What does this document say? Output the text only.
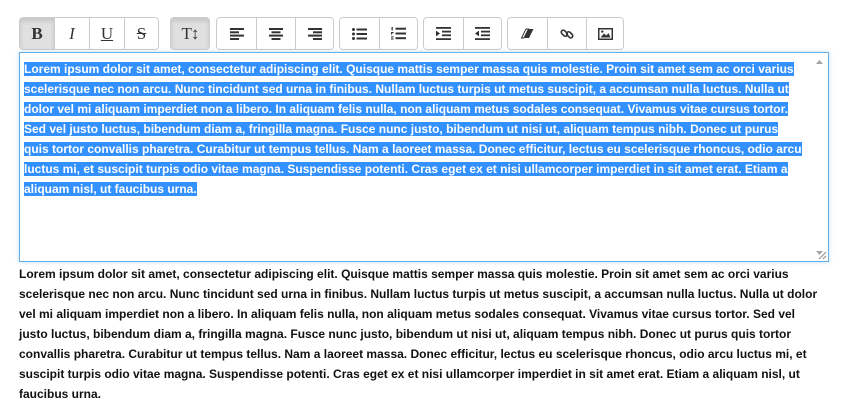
B I U S T↕
Lorem ipsum dolor sit amet, consectetur adipiscing elit. Quisque mattis semper massa quis molestie. Proin sit amet sem ac orci varius scelerisque nec non arcu. Nunc tincidunt sed urna in finibus. Nullam luctus turpis ut metus suscipit, a accumsan nulla luctus. Nulla ut dolor vel mi aliquam imperdiet non a libero. In aliquam felis nulla, non aliquam metus sodales consequat. Vivamus vitae cursus tortor. Sed vel justo luctus, bibendum diam a, fringilla magna. Fusce nunc justo, bibendum ut nisi ut, aliquam tempus nibh. Donec ut purus quis tortor convallis pharetra. Curabitur ut tempus tellus. Nam a laoreet massa. Donec efficitur, lectus eu scelerisque rhoncus, odio arcu luctus mi, et suscipit turpis odio vitae magna. Suspendisse potenti. Cras eget ex et nisi ullamcorper imperdiet in sit amet erat. Etiam a aliquam nisl, ut faucibus urna.
Lorem ipsum dolor sit amet, consectetur adipiscing elit. Quisque mattis semper massa quis molestie. Proin sit amet sem ac orci varius scelerisque nec non arcu. Nunc tincidunt sed urna in finibus. Nullam luctus turpis ut metus suscipit, a accumsan nulla luctus. Nulla ut dolor vel mi aliquam imperdiet non a libero. In aliquam felis nulla, non aliquam metus sodales consequat. Vivamus vitae cursus tortor. Sed vel justo luctus, bibendum diam a, fringilla magna. Fusce nunc justo, bibendum ut nisi ut, aliquam tempus nibh. Donec ut purus quis tortor convallis pharetra. Curabitur ut tempus tellus. Nam a laoreet massa. Donec efficitur, lectus eu scelerisque rhoncus, odio arcu luctus mi, et suscipit turpis odio vitae magna. Suspendisse potenti. Cras eget ex et nisi ullamcorper imperdiet in sit amet erat. Etiam a aliquam nisl, ut faucibus urna.
